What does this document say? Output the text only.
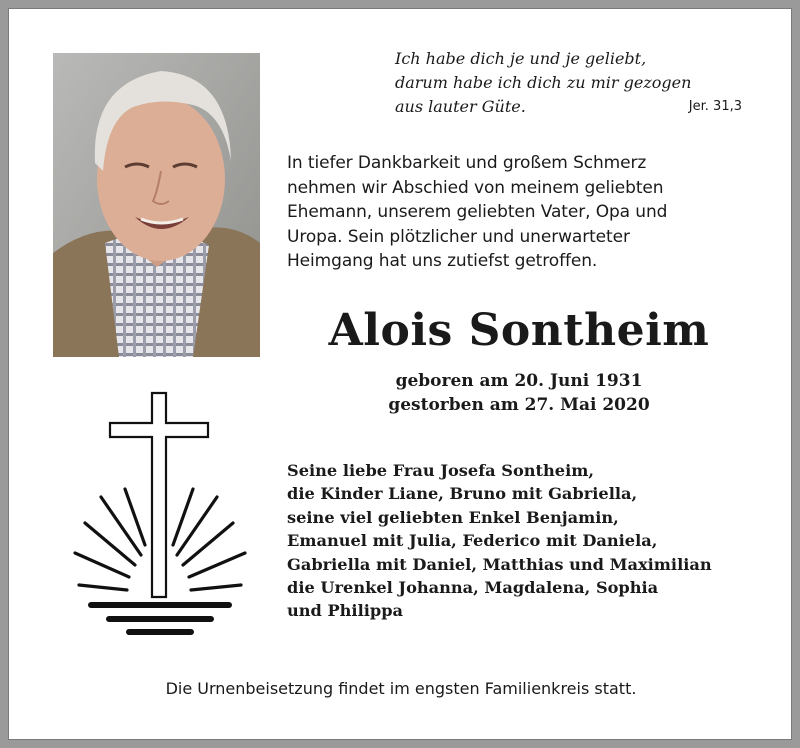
Ich habe dich je und je geliebt,
darum habe ich dich zu mir gezogen
aus lauter Güte.	Jer. 31,3
In tiefer Dankbarkeit und großem Schmerz
nehmen wir Abschied von meinem geliebten
Ehemann, unserem geliebten Vater, Opa und
Uropa. Sein plötzlicher und unerwarteter
Heimgang hat uns zutiefst getroffen.
Alois Sontheim
geboren am 20. Juni 1931
gestorben am 27. Mai 2020
Seine liebe Frau Josefa Sontheim,
die Kinder Liane, Bruno mit Gabriella,
seine viel geliebten Enkel Benjamin,
Emanuel mit Julia, Federico mit Daniela,
Gabriella mit Daniel, Matthias und Maximilian
die Urenkel Johanna, Magdalena, Sophia
und Philippa
Die Urnenbeisetzung findet im engsten Familienkreis statt.
